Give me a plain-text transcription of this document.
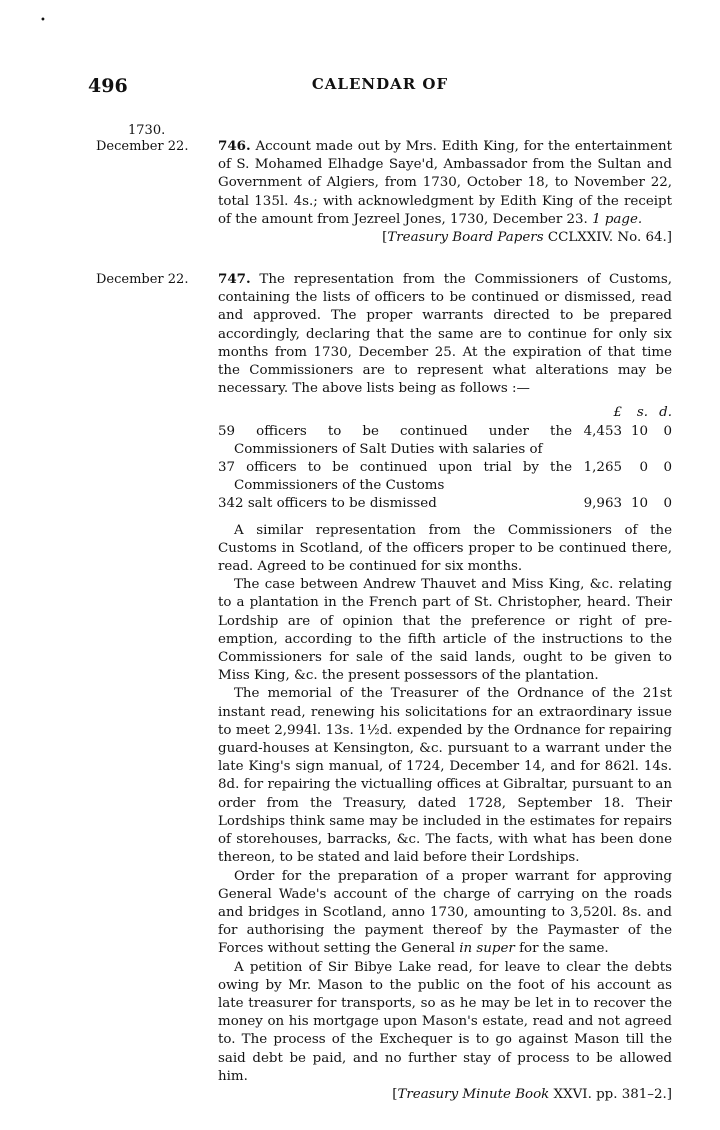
•
496	CALENDAR OF
1730.
December 22.
December 22.

746. Account made out by Mrs. Edith King, for the entertainment of S. Mohamed Elhadge Saye'd, Ambassador from the Sultan and Government of Algiers, from 1730, October 18, to November 22, total 135l. 4s.; with acknowledgment by Edith King of the receipt of the amount from Jezreel Jones, 1730, December 23. 1 page.

[Treasury Board Papers CCLXXIV. No. 64.]

747. The representation from the Commissioners of Customs, containing the lists of officers to be continued or dismissed, read and approved. The proper warrants directed to be prepared accordingly, declaring that the same are to continue for only six months from 1730, December 25. At the expiration of that time the Commissioners are to represent what alterations may be necessary. The above lists being as follows :—

£	s. d.
59 officers to be continued under the Commissioners of Salt Duties with salaries of
4,453 10	0
37 officers to be continued upon trial by the Commissioners of the Customs
1,265	0	0
342 salt officers to be dismissed	9,963 10	0

A similar representation from the Commissioners of the Customs in Scotland, of the officers proper to be continued there, read. Agreed to be continued for six months.

The case between Andrew Thauvet and Miss King, &c. relating to a plantation in the French part of St. Christopher, heard. Their Lordship are of opinion that the preference or right of pre-emption, according to the fifth article of the instructions to the Commissioners for sale of the said lands, ought to be given to Miss King, &c. the present possessors of the plantation.

The memorial of the Treasurer of the Ordnance of the 21st instant read, renewing his solicitations for an extraordinary issue to meet 2,994l. 13s. 1½d. expended by the Ordnance for repairing guard-houses at Kensington, &c. pursuant to a warrant under the late King's sign manual, of 1724, December 14, and for 862l. 14s. 8d. for repairing the victualling offices at Gibraltar, pursuant to an order from the Treasury, dated 1728, September 18. Their Lordships think same may be included in the estimates for repairs of storehouses, barracks, &c. The facts, with what has been done thereon, to be stated and laid before their Lordships.

Order for the preparation of a proper warrant for approving General Wade's account of the charge of carrying on the roads and bridges in Scotland, anno 1730, amounting to 3,520l. 8s. and for authorising the payment thereof by the Paymaster of the Forces without setting the General in super for the same.

A petition of Sir Bibye Lake read, for leave to clear the debts owing by Mr. Mason to the public on the foot of his account as late treasurer for transports, so as he may be let in to recover the money on his mortgage upon Mason's estate, read and not agreed to. The process of the Exchequer is to go against Mason till the said debt be paid, and no further stay of process to be allowed him.

[Treasury Minute Book XXVI. pp. 381–2.]
